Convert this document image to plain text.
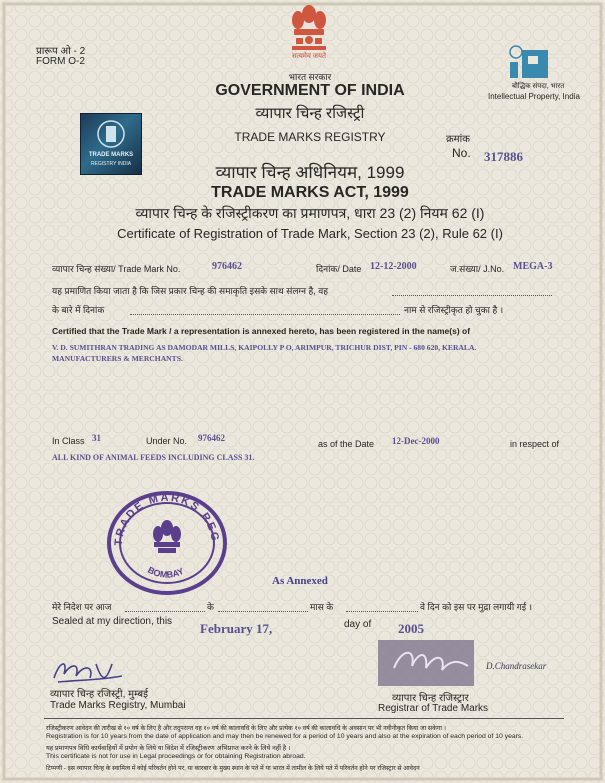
प्रारूप ओ - 2
FORM O-2	सत्यमेव जयते
भारत सरकार
GOVERNMENT OF INDIA
व्यापार चिन्ह रजिस्ट्री
TRADE MARKS REGISTRY
बौद्धिक संपदा, भारत
Intellectual Property, India
क्रमांक
No. 317886
TRADE MARKS
REGISTRY INDIA	व्यापार चिन्ह अधिनियम, 1999
TRADE MARKS ACT, 1999
व्यापार चिन्ह के रजिस्ट्रीकरण का प्रमाणपत्र, धारा 23 (2) नियम 62 (I)
Certificate of Registration of Trade Mark, Section 23 (2), Rule 62 (I)
व्यापार चिन्ह संख्या/ Trade Mark No.	976462	दिनांक/ Date 12-12-2000	ज.संख्या/ J.No. MEGA-3
यह प्रमाणित किया जाता है कि जिस प्रकार चिन्ह की समाकृति इसके साथ संलग्न है, वह
के बारे में दिनांक	नाम से रजिस्ट्रीकृत हो चुका है ।
Certified that the Trade Mark / a representation is annexed hereto, has been registered in the name(s) of
V. D. SUMITHRAN TRADING AS DAMODAR MILLS, KAIPOLLY P O, ARIMPUR, TRICHUR DIST, PIN - 680 620, KERALA.
MANUFACTURERS & MERCHANTS.
In Class 31	Under No. 976462
as of the Date 12-Dec-2000	in respect of
ALL KIND OF ANIMAL FEEDS INCLUDING CLASS 31.
TRADE MARKS REG
BOMBAY
As Annexed
मेरे निदेश पर आज	के	मास के	वे दिन को इस पर मुद्रा लगायी गई ।
Sealed at my direction, this February 17,	day of 2005
व्यापार चिन्ह रजिस्ट्री, मुम्बई
Trade Marks Registry, Mumbai
D.Chandrasekar
व्यापार चिन्ह रजिस्ट्रार
Registrar of Trade Marks
रजिस्ट्रीकरण आवेदन की तारीख से १० वर्ष के लिए है और तदुपरान्त वह १० वर्ष की कालावधि के लिए और प्रत्येक १० वर्ष की कालावधि के अवसान पर भी नवीनीकृत किया जा सकेगा ।
Registration is for 10 years from the date of application and may then be renewed for a period of 10 years and also at the expiration of each period of 10 years.
यह प्रमाणपत्र विधि कार्यवाहियों में प्रयोग के लिये या विदेश में रजिस्ट्रीकरण अभिप्राप्त करने के लिये नहीं है ।
This certificate is not for use in Legal proceedings or for obtaining Registration abroad.
टिप्पणी - इस व्यापार चिन्ह के स्वामित्व में कोई परिवर्तन होने पर, या कारबार के मुख्य स्थान के पते में या भारत में तामील के लिये पते में परिवर्तन होने पर रजिस्ट्रार से आवेदन
